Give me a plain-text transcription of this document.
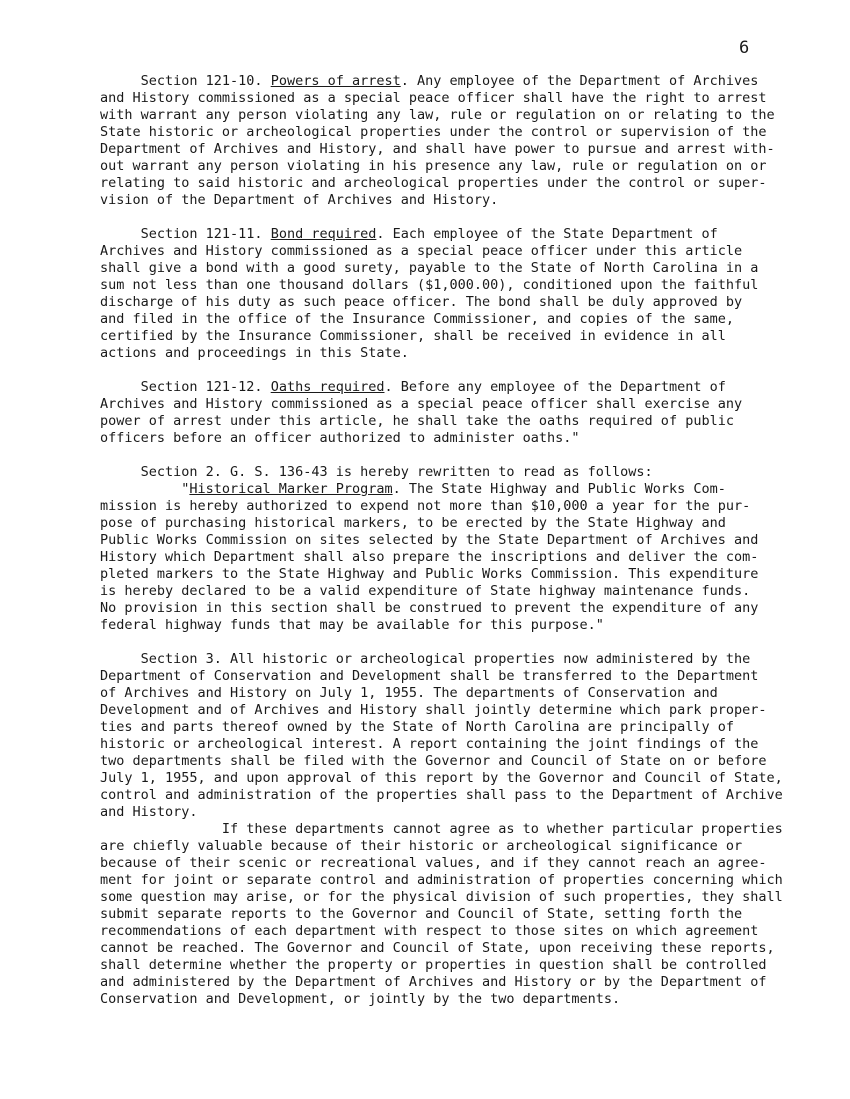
6
Section 121-10. Powers of arrest. Any employee of the Department of Archives
and History commissioned as a special peace officer shall have the right to arrest
with warrant any person violating any law, rule or regulation on or relating to the
State historic or archeological properties under the control or supervision of the
Department of Archives and History, and shall have power to pursue and arrest with-
out warrant any person violating in his presence any law, rule or regulation on or
relating to said historic and archeological properties under the control or super-
vision of the Department of Archives and History.
Section 121-11. Bond required. Each employee of the State Department of
Archives and History commissioned as a special peace officer under this article
shall give a bond with a good surety, payable to the State of North Carolina in a
sum not less than one thousand dollars ($1,000.00), conditioned upon the faithful
discharge of his duty as such peace officer. The bond shall be duly approved by
and filed in the office of the Insurance Commissioner, and copies of the same,
certified by the Insurance Commissioner, shall be received in evidence in all
actions and proceedings in this State.
Section 121-12. Oaths required. Before any employee of the Department of
Archives and History commissioned as a special peace officer shall exercise any
power of arrest under this article, he shall take the oaths required of public
officers before an officer authorized to administer oaths."
Section 2. G. S. 136-43 is hereby rewritten to read as follows:
"Historical Marker Program. The State Highway and Public Works Com-
mission is hereby authorized to expend not more than $10,000 a year for the pur-
pose of purchasing historical markers, to be erected by the State Highway and
Public Works Commission on sites selected by the State Department of Archives and
History which Department shall also prepare the inscriptions and deliver the com-
pleted markers to the State Highway and Public Works Commission. This expenditure
is hereby declared to be a valid expenditure of State highway maintenance funds.
No provision in this section shall be construed to prevent the expenditure of any
federal highway funds that may be available for this purpose."
Section 3. All historic or archeological properties now administered by the
Department of Conservation and Development shall be transferred to the Department
of Archives and History on July 1, 1955. The departments of Conservation and
Development and of Archives and History shall jointly determine which park proper-
ties and parts thereof owned by the State of North Carolina are principally of
historic or archeological interest. A report containing the joint findings of the
two departments shall be filed with the Governor and Council of State on or before
July 1, 1955, and upon approval of this report by the Governor and Council of State,
control and administration of the properties shall pass to the Department of Archive
and History.
If these departments cannot agree as to whether particular properties
are chiefly valuable because of their historic or archeological significance or
because of their scenic or recreational values, and if they cannot reach an agree-
ment for joint or separate control and administration of properties concerning which
some question may arise, or for the physical division of such properties, they shall
submit separate reports to the Governor and Council of State, setting forth the
recommendations of each department with respect to those sites on which agreement
cannot be reached. The Governor and Council of State, upon receiving these reports,
shall determine whether the property or properties in question shall be controlled
and administered by the Department of Archives and History or by the Department of
Conservation and Development, or jointly by the two departments.
